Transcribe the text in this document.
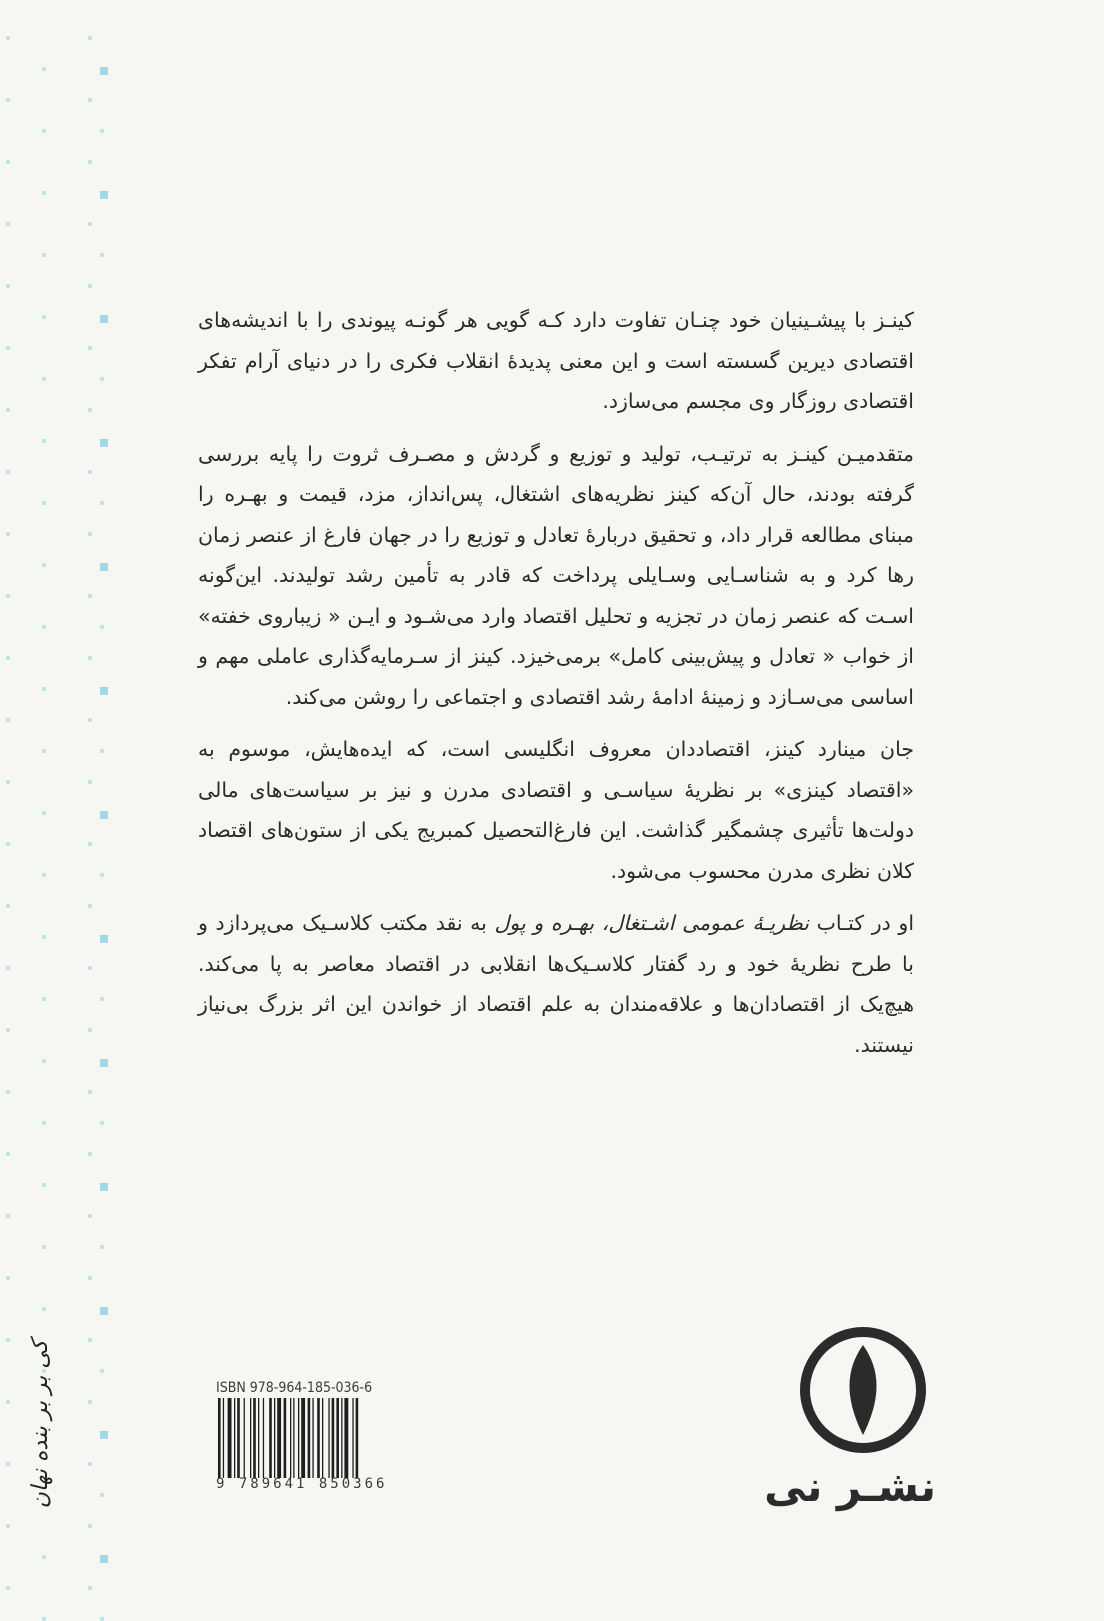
کینـز با پیشـینیان خود چنـان تفاوت دارد کـه گویی هر گونـه پیوندی را با اندیشه‌های اقتصادی دیرین گسسته است و این معنی پدیدهٔ انقلاب فکری را در دنیای آرام تفکر اقتصادی روزگار وی مجسم می‌سازد.

متقدمیـن کینـز به ترتیـب، تولید و توزیع و گردش و مصـرف ثروت را پایه بررسی گرفته بودند، حال آن‌که کینز نظریه‌های اشتغال، پس‌انداز، مزد، قیمت و بهـره را مبنای مطالعه قرار داد، و تحقیق دربارهٔ تعادل و توزیع را در جهان فارغ از عنصر زمان رها کرد و به شناسـایی وسـایلی پرداخت که قادر به تأمین رشد تولیدند. این‌گونه اسـت که عنصر زمان در تجزیه و تحلیل اقتصاد وارد می‌شـود و ایـن « زیباروی خفته» از خواب « تعادل و پیش‌بینی کامل» برمی‌خیزد. کینز از سـرمایه‌گذاری عاملی مهم و اساسی می‌سـازد و زمینهٔ ادامهٔ رشد اقتصادی و اجتماعی را روشن می‌کند.

جان مینارد کینز، اقتصاددان معروف انگلیسی است، که ایده‌هایش، موسوم به «اقتصاد کینزی» بر نظریهٔ سیاسـی و اقتصادی مدرن و نیز بر سیاست‌های مالی دولت‌ها تأثیری چشمگیر گذاشت. این فارغ‌التحصیل کمبریج یکی از ستون‌های اقتصاد کلان نظری مدرن محسوب می‌شود.

او در کتـاب نظریـهٔ عمومی اشـتغال، بهـره و پول به نقد مکتب کلاسـیک می‌پردازد و با طرح نظریهٔ خود و رد گفتار کلاسـیک‌ها انقلابی در اقتصاد معاصر به پا می‌کند. هیچ‌یک از اقتصادان‌ها و علاقه‌مندان به علم اقتصاد از خواندن این اثر بزرگ بی‌نیاز نیستند.

ISBN 978-964-185-036-6
9 789641 850366	نشـر نی
کی بر بر بنده نهان
